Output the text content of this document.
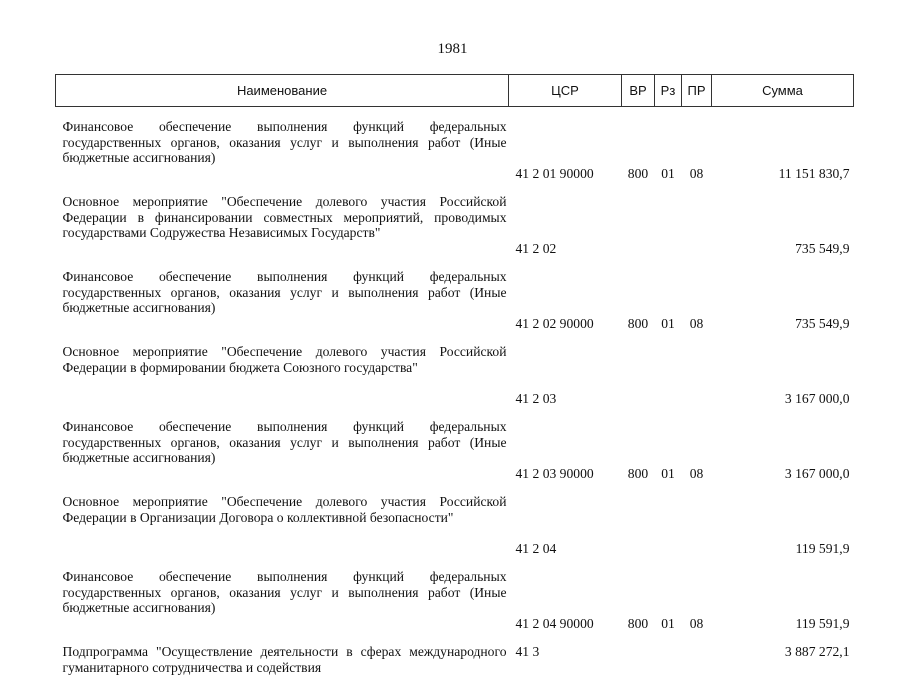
1981
Наименование	ЦСР	ВР	Рз	ПР	Сумма

Финансовое обеспечение выполнения функций федеральных государственных органов, оказания услуг и выполнения работ (Иные бюджетные ассигнования)	41 2 01 90000	800	01	08	11 151 830,7

Основное мероприятие "Обеспечение долевого участия Российской Федерации в финансировании совместных мероприятий, проводимых государствами Содружества Независимых Государств"	41 2 02				735 549,9

Финансовое обеспечение выполнения функций федеральных государственных органов, оказания услуг и выполнения работ (Иные бюджетные ассигнования)	41 2 02 90000	800	01	08	735 549,9

Основное мероприятие "Обеспечение долевого участия Российской Федерации в формировании бюджета Союзного государства"	41 2 03				3 167 000,0

Финансовое обеспечение выполнения функций федеральных государственных органов, оказания услуг и выполнения работ (Иные бюджетные ассигнования)	41 2 03 90000	800	01	08	3 167 000,0

Основное мероприятие "Обеспечение долевого участия Российской Федерации в Организации Договора о коллективной безопасности"	41 2 04				119 591,9

Финансовое обеспечение выполнения функций федеральных государственных органов, оказания услуг и выполнения работ (Иные бюджетные ассигнования)	41 2 04 90000	800	01	08	119 591,9

Подпрограмма "Осуществление деятельности в сферах международного гуманитарного сотрудничества и содействия	41 3				3 887 272,1
